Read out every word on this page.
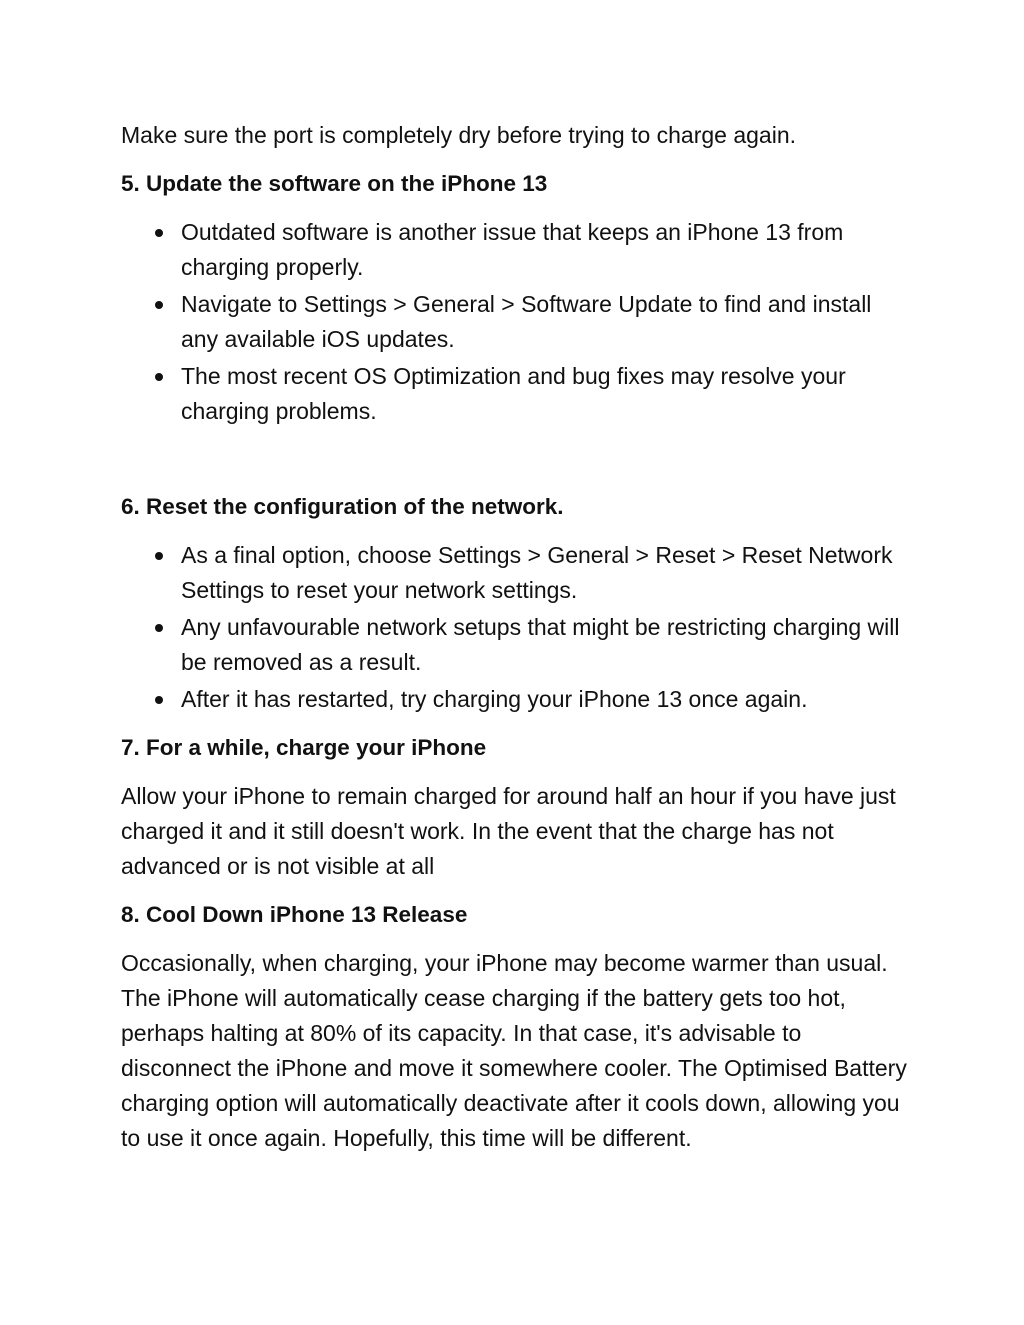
Make sure the port is completely dry before trying to charge again.

5. Update the software on the iPhone 13

Outdated software is another issue that keeps an iPhone 13 from charging properly.
Navigate to Settings > General > Software Update to find and install any available iOS updates.
The most recent OS Optimization and bug fixes may resolve your charging problems.

6. Reset the configuration of the network.

As a final option, choose Settings > General > Reset > Reset Network Settings to reset your network settings.
Any unfavourable network setups that might be restricting charging will be removed as a result.
After it has restarted, try charging your iPhone 13 once again.

7. For a while, charge your iPhone

Allow your iPhone to remain charged for around half an hour if you have just charged it and it still doesn't work. In the event that the charge has not advanced or is not visible at all

8. Cool Down iPhone 13 Release

Occasionally, when charging, your iPhone may become warmer than usual. The iPhone will automatically cease charging if the battery gets too hot, perhaps halting at 80% of its capacity. In that case, it's advisable to disconnect the iPhone and move it somewhere cooler. The Optimised Battery charging option will automatically deactivate after it cools down, allowing you to use it once again. Hopefully, this time will be different.
